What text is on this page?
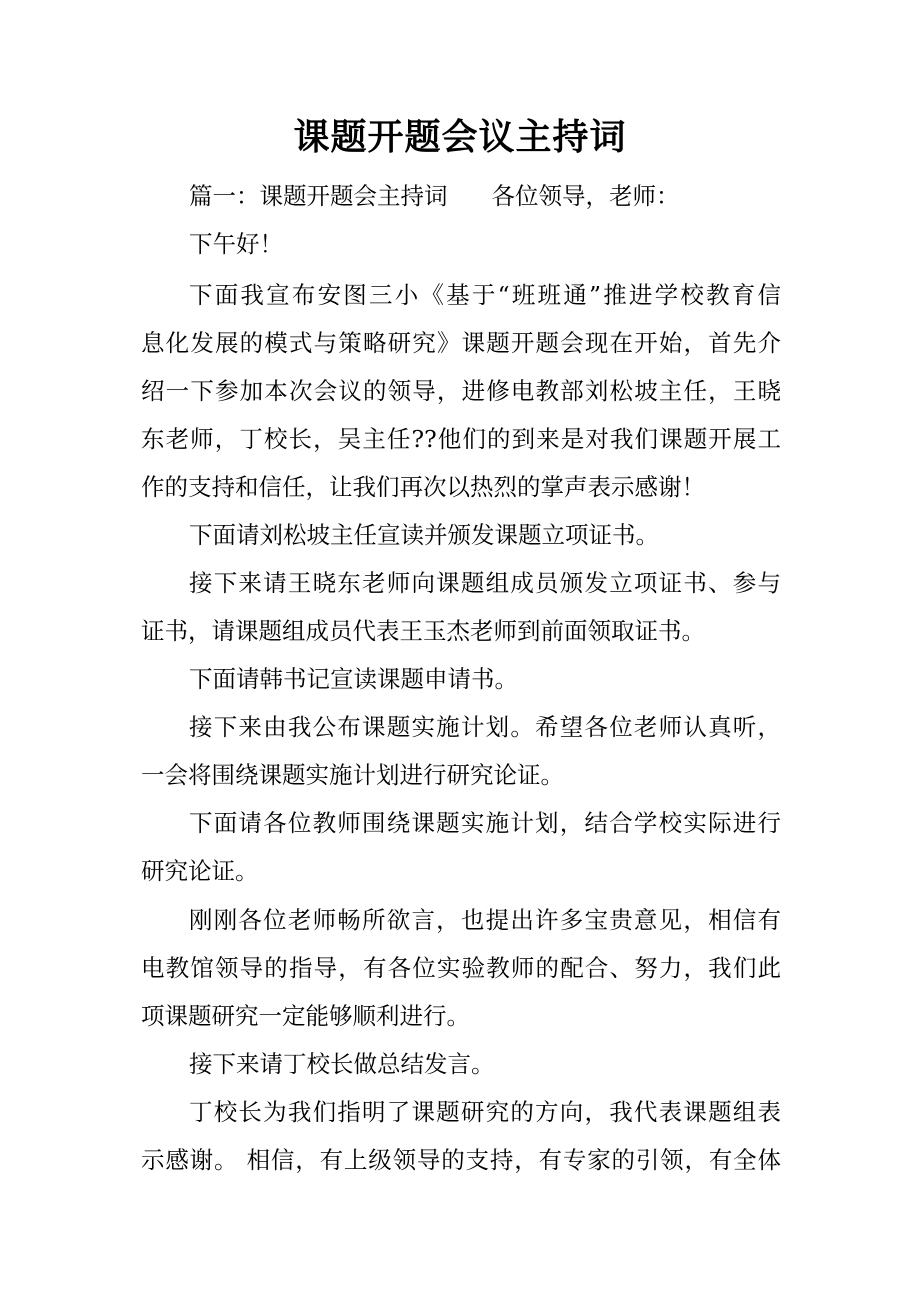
课题开题会议主持词
篇一：课题开题会主持词 各位领导，老师：
下午好！
下面我宣布安图三小《基于“班班通”推进学校教育信
息化发展的模式与策略研究》课题开题会现在开始，首先介
绍一下参加本次会议的领导，进修电教部刘松坡主任，王晓
东老师，丁校长，吴主任??他们的到来是对我们课题开展工
作的支持和信任，让我们再次以热烈的掌声表示感谢！
下面请刘松坡主任宣读并颁发课题立项证书。
接下来请王晓东老师向课题组成员颁发立项证书、参与
证书，请课题组成员代表王玉杰老师到前面领取证书。
下面请韩书记宣读课题申请书。
接下来由我公布课题实施计划。希望各位老师认真听，
一会将围绕课题实施计划进行研究论证。
下面请各位教师围绕课题实施计划，结合学校实际进行
研究论证。
刚刚各位老师畅所欲言，也提出许多宝贵意见，相信有
电教馆领导的指导，有各位实验教师的配合、努力，我们此
项课题研究一定能够顺利进行。
接下来请丁校长做总结发言。
丁校长为我们指明了课题研究的方向，我代表课题组表
示感谢。 相信，有上级领导的支持，有专家的引领，有全体
